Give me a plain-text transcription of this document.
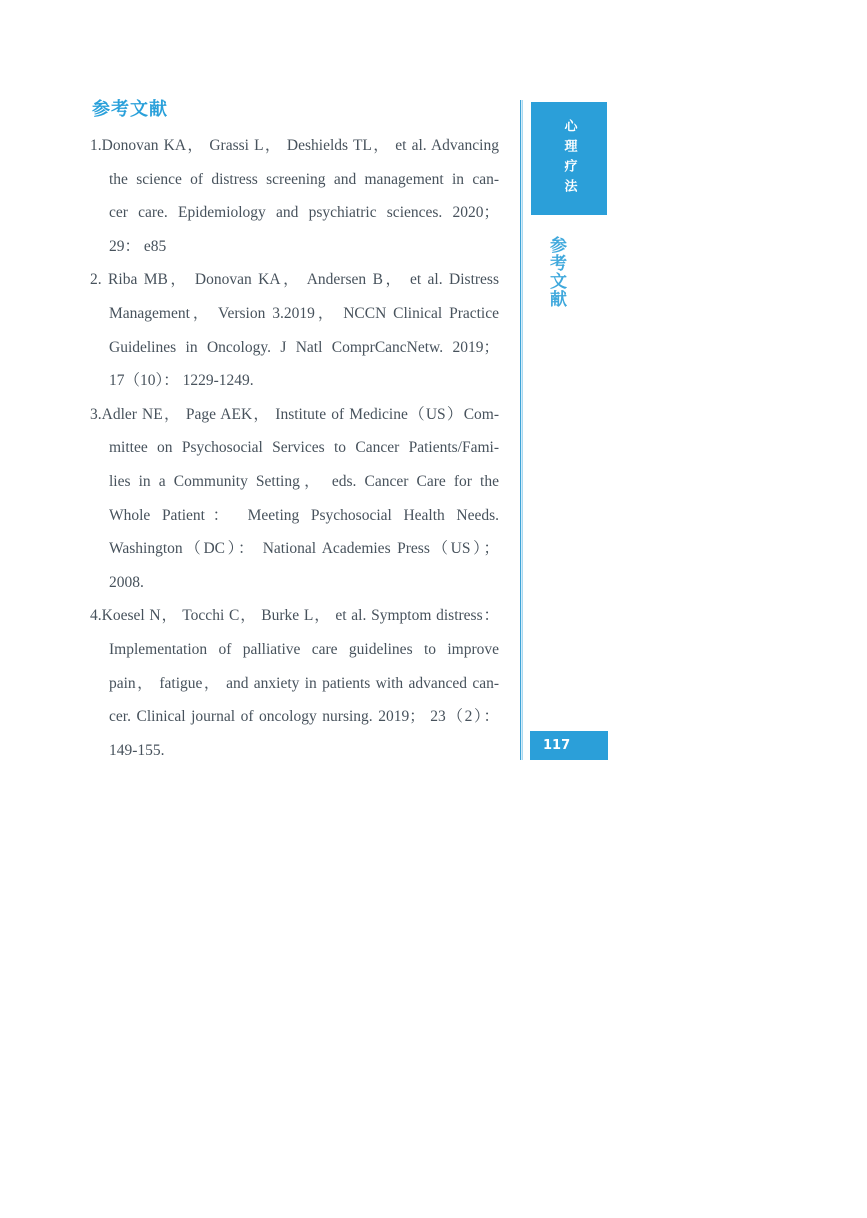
参考文献
1.Donovan KA， Grassi L， Deshields TL， et al. Advancing
the science of distress screening and management in can-
cer care. Epidemiology and psychiatric sciences. 2020；
29： e85
2. Riba MB， Donovan KA， Andersen B， et al. Distress
Management， Version 3.2019， NCCN Clinical Practice
Guidelines in Oncology. J Natl ComprCancNetw. 2019；
17（10）： 1229-1249.
3.Adler NE， Page AEK， Institute of Medicine（US）Com-
mittee on Psychosocial Services to Cancer Patients/Fami-
lies in a Community Setting， eds. Cancer Care for the
Whole Patient： Meeting Psychosocial Health Needs.
Washington（DC）： National Academies Press（US）；
2008.
4.Koesel N， Tocchi C， Burke L， et al. Symptom distress：
Implementation of palliative care guidelines to improve
pain， fatigue， and anxiety in patients with advanced can-
cer. Clinical journal of oncology nursing. 2019； 23（2）：
149-155.
心理疗法
参考文献
117
